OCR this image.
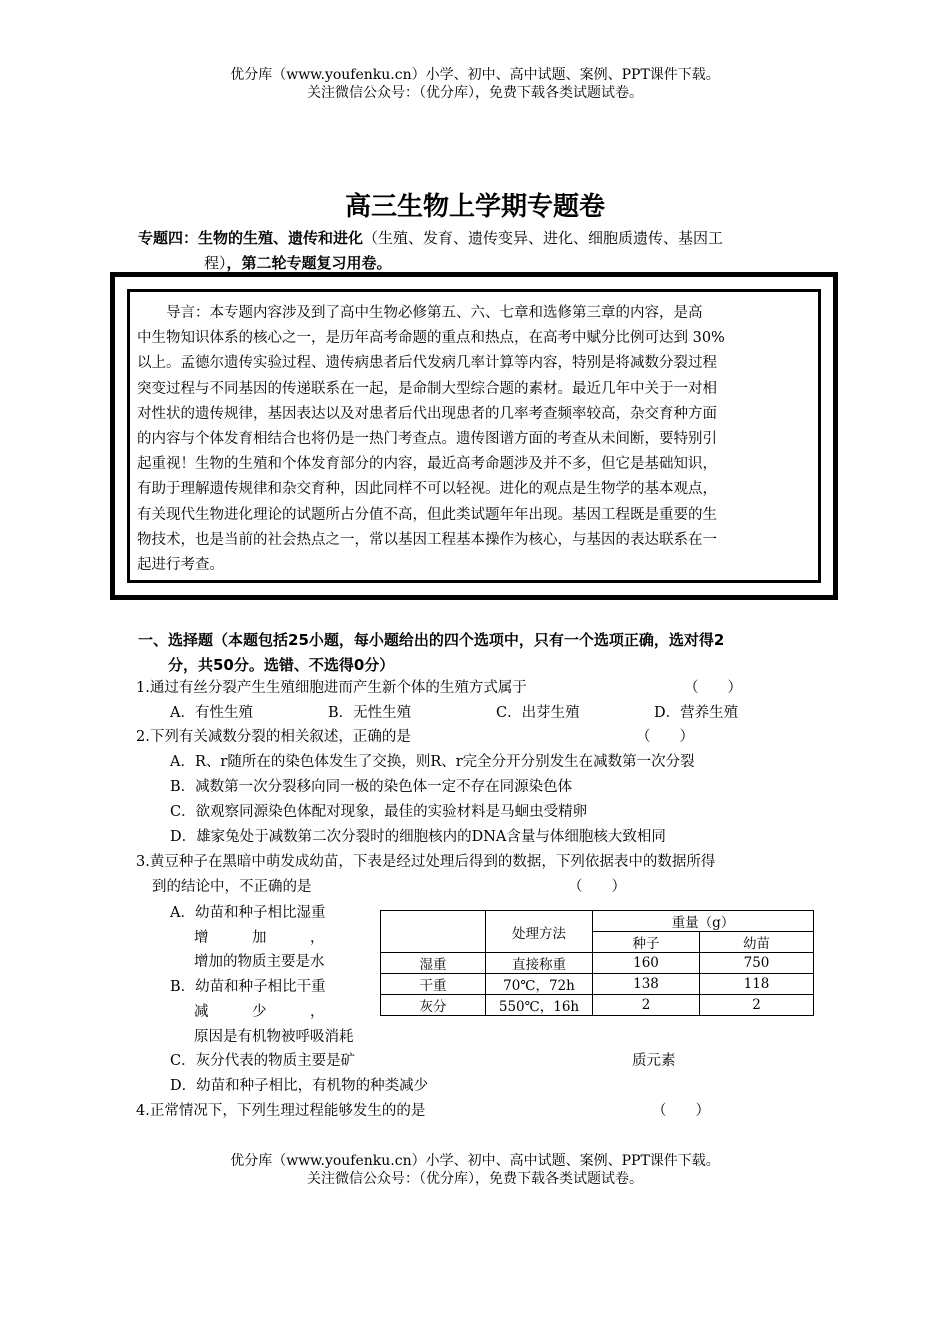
优分库（www.youfenku.cn）小学、初中、高中试题、案例、PPT课件下载。
关注微信公众号：（优分库），免费下载各类试题试卷。
高三生物上学期专题卷
专题四：生物的生殖、遗传和进化（生殖、发育、遗传变异、进化、细胞质遗传、基因工
程），第二轮专题复习用卷。
　　导言：本专题内容涉及到了高中生物必修第五、六、七章和选修第三章的内容，是高
中生物知识体系的核心之一，是历年高考命题的重点和热点，在高考中赋分比例可达到 30%
以上。孟德尔遗传实验过程、遗传病患者后代发病几率计算等内容，特别是将减数分裂过程
突变过程与不同基因的传递联系在一起，是命制大型综合题的素材。最近几年中关于一对相
对性状的遗传规律，基因表达以及对患者后代出现患者的几率考查频率较高，杂交育种方面
的内容与个体发育相结合也将仍是一热门考查点。遗传图谱方面的考查从未间断，要特别引
起重视！生物的生殖和个体发育部分的内容，最近高考命题涉及并不多，但它是基础知识，
有助于理解遗传规律和杂交育种，因此同样不可以轻视。进化的观点是生物学的基本观点，
有关现代生物进化理论的试题所占分值不高，但此类试题年年出现。基因工程既是重要的生
物技术，也是当前的社会热点之一，常以基因工程基本操作为核心，与基因的表达联系在一
起进行考查。
一、选择题（本题包括25小题，每小题给出的四个选项中，只有一个选项正确，选对得2
分，共50分。选错、不选得0分）
1.通过有丝分裂产生生殖细胞进而产生新个体的生殖方式属于	（　　）
A．有性生殖	B．无性生殖	C．出芽生殖	D．营养生殖
2.下列有关减数分裂的相关叙述，正确的是	（　　）
A．R、r随所在的染色体发生了交换，则R、r完全分开分别发生在减数第一次分裂
B．减数第一次分裂移向同一极的染色体一定不存在同源染色体
C．欲观察同源染色体配对现象，最佳的实验材料是马蛔虫受精卵
D．雄家兔处于减数第二次分裂时的细胞核内的DNA含量与体细胞核大致相同
3.黄豆种子在黑暗中萌发成幼苗，下表是经过处理后得到的数据，下列依据表中的数据所得
到的结论中，不正确的是	（　　）
A．幼苗和种子相比湿重
增　　　加　　　，
增加的物质主要是水
B．幼苗和种子相比干重
减　　　少　　　，
原因是有机物被呼吸消耗
C．灰分代表的物质主要是矿	质元素
D．幼苗和种子相比，有机物的种类减少
	处理方法	重量（g）	
		种子	幼苗
湿重	直接称重	160	750
干重	70℃，72h	138	118
灰分	550℃，16h	2	2
4.正常情况下，下列生理过程能够发生的的是	（　　）
优分库（www.youfenku.cn）小学、初中、高中试题、案例、PPT课件下载。
关注微信公众号：（优分库），免费下载各类试题试卷。
